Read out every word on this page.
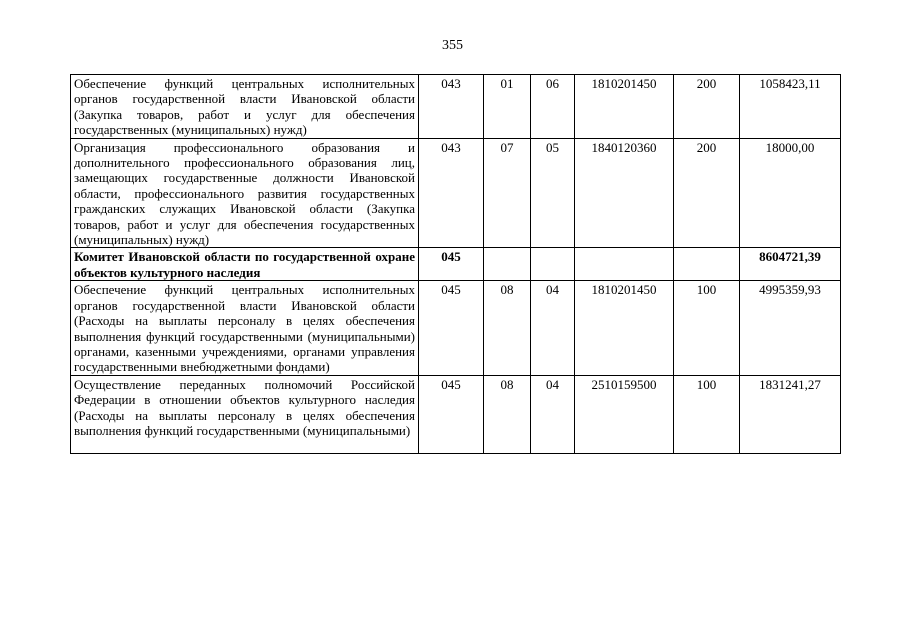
355
Обеспечение функций центральных исполнительных органов государственной власти Ивановской области (Закупка товаров, работ и услуг для обеспечения государственных (муниципальных) нужд)	043	01	06	1810201450	200	1058423,11
Организация профессионального образования и дополнительного профессионального образования лиц, замещающих государственные должности Ивановской области, профессионального развития государственных гражданских служащих Ивановской области (Закупка товаров, работ и услуг для обеспечения государственных (муниципальных) нужд)	043	07	05	1840120360	200	18000,00
Комитет Ивановской области по государственной охране объектов культурного наследия	045					8604721,39
Обеспечение функций центральных исполнительных органов государственной власти Ивановской области (Расходы на выплаты персоналу в целях обеспечения выполнения функций государственными (муниципальными) органами, казенными учреждениями, органами управления государственными внебюджетными фондами)	045	08	04	1810201450	100	4995359,93
Осуществление переданных полномочий Российской Федерации в отношении объектов культурного наследия (Расходы на выплаты персоналу в целях обеспечения выполнения функций государственными (муниципальными)	045	08	04	2510159500	100	1831241,27
